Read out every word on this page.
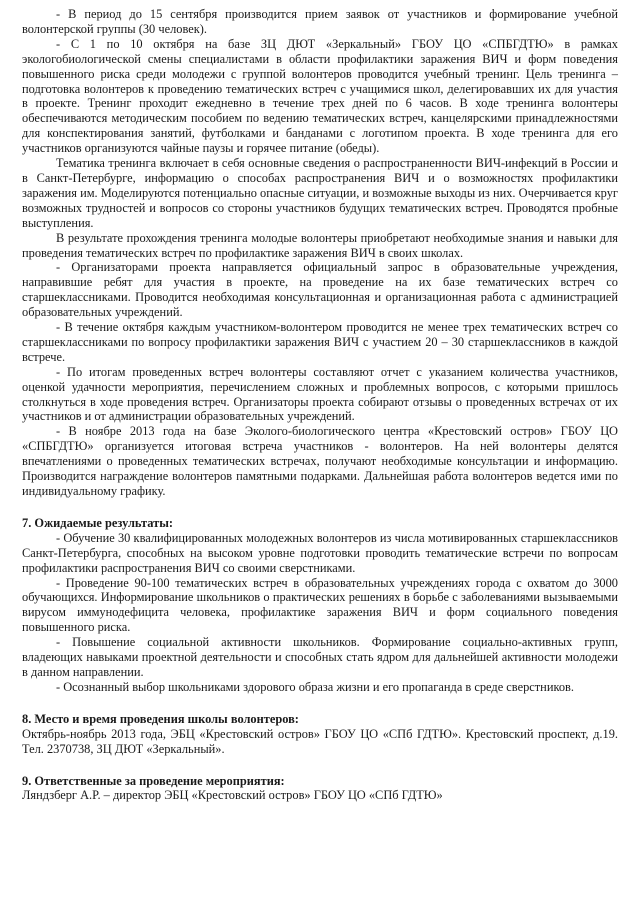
- В период до 15 сентября производится прием заявок от участников и формирование учебной волонтерской группы (30 человек).

- С 1 по 10 октября на базе ЗЦ ДЮТ «Зеркальный» ГБОУ ЦО «СПБГДТЮ» в рамках экологобиологической смены специалистами в области профилактики заражения ВИЧ и форм поведения повышенного риска среди молодежи с группой волонтеров проводится учебный тренинг. Цель тренинга – подготовка волонтеров к проведению тематических встреч с учащимися школ, делегировавших их для участия в проекте. Тренинг проходит ежедневно в течение трех дней по 6 часов. В ходе тренинга волонтеры обеспечиваются методическим пособием по ведению тематических встреч, канцелярскими принадлежностями для конспектирования занятий, футболками и банданами с логотипом проекта. В ходе тренинга для его участников организуются чайные паузы и горячее питание (обеды).

Тематика тренинга включает в себя основные сведения о распространенности ВИЧ-инфекций в России и в Санкт-Петербурге, информацию о способах распространения ВИЧ и о возможностях профилактики заражения им. Моделируются потенциально опасные ситуации, и возможные выходы из них. Очерчивается круг возможных трудностей и вопросов со стороны участников будущих тематических встреч. Проводятся пробные выступления.

В результате прохождения тренинга молодые волонтеры приобретают необходимые знания и навыки для проведения тематических встреч по профилактике заражения ВИЧ в своих школах.

- Организаторами проекта направляется официальный запрос в образовательные учреждения, направившие ребят для участия в проекте, на проведение на их базе тематических встреч со старшеклассниками. Проводится необходимая консультационная и организационная работа с администрацией образовательных учреждений.

- В течение октября каждым участником-волонтером проводится не менее трех тематических встреч со старшеклассниками по вопросу профилактики заражения ВИЧ с участием 20 – 30 старшеклассников в каждой встрече.

- По итогам проведенных встреч волонтеры составляют отчет с указанием количества участников, оценкой удачности мероприятия, перечислением сложных и проблемных вопросов, с которыми пришлось столкнуться в ходе проведения встреч. Организаторы проекта собирают отзывы о проведенных встречах от их участников и от администрации образовательных учреждений.

- В ноябре 2013 года на базе Эколого-биологического центра «Крестовский остров» ГБОУ ЦО «СПБГДТЮ» организуется итоговая встреча участников - волонтеров. На ней волонтеры делятся впечатлениями о проведенных тематических встречах, получают необходимые консультации и информацию. Производится награждение волонтеров памятными подарками. Дальнейшая работа волонтеров ведется ими по индивидуальному графику.

7. Ожидаемые результаты:

- Обучение 30 квалифицированных молодежных волонтеров из числа мотивированных старшеклассников Санкт-Петербурга, способных на высоком уровне подготовки проводить тематические встречи по вопросам профилактики распространения ВИЧ со своими сверстниками.

- Проведение 90-100 тематических встреч в образовательных учреждениях города с охватом до 3000 обучающихся. Информирование школьников о практических решениях в борьбе с заболеваниями вызываемыми вирусом иммунодефицита человека, профилактике заражения ВИЧ и форм социального поведения повышенного риска.

- Повышение социальной активности школьников. Формирование социально-активных групп, владеющих навыками проектной деятельности и способных стать ядром для дальнейшей активности молодежи в данном направлении.

- Осознанный выбор школьниками здорового образа жизни и его пропаганда в среде сверстников.

8. Место и время проведения школы волонтеров:

Октябрь-ноябрь 2013 года, ЭБЦ «Крестовский остров» ГБОУ ЦО «СПб ГДТЮ». Крестовский проспект, д.19. Тел. 2370738, ЗЦ ДЮТ «Зеркальный».

9. Ответственные за проведение мероприятия:

Ляндзберг А.Р. – директор ЭБЦ «Крестовский остров» ГБОУ ЦО «СПб ГДТЮ»
